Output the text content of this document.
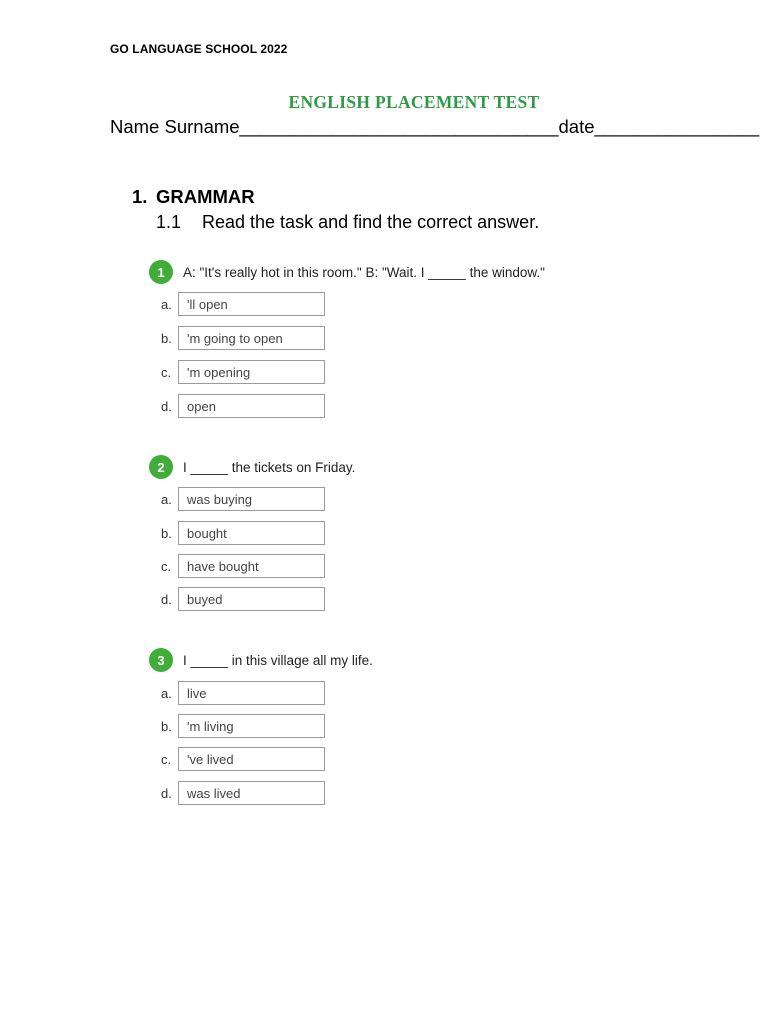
GO LANGUAGE SCHOOL 2022
ENGLISH PLACEMENT TEST
Name Surname_______________________________date________________
1. GRAMMAR
1.1 Read the task and find the correct answer.
1	A: "It's really hot in this room." B: "Wait. I _____ the window."
a.	'll open
b.	'm going to open
c.	'm opening
d.	open
2	I _____ the tickets on Friday.
a.	was buying
b.	bought
c.	have bought
d.	buyed
3	I _____ in this village all my life.
a.	live
b.	'm living
c.	've lived
d.	was lived
